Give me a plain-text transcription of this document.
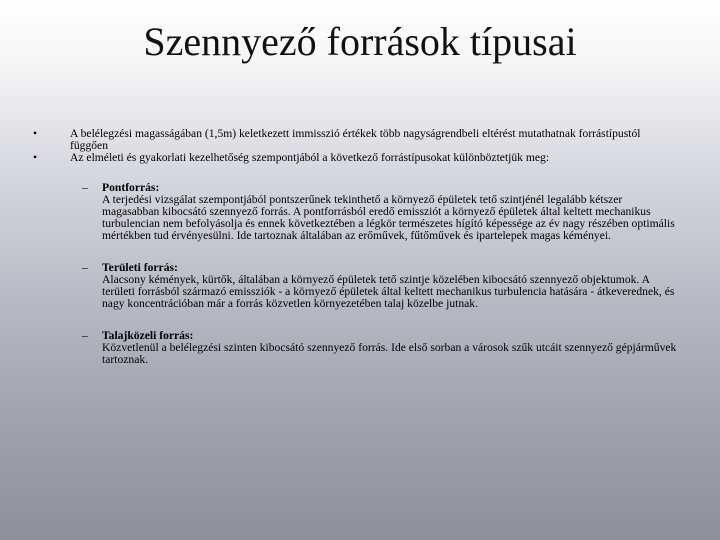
Szennyező források típusai
•	A belélegzési magasságában (1,5m) keletkezett immisszió értékek több nagyságrendbeli eltérést mutathatnak forrástípustól függően
•	Az elméleti és gyakorlati kezelhetőség szempontjából a következő forrástípusokat különböztetjük meg:
– Pontforrás:
A terjedési vizsgálat szempontjából pontszerűnek tekinthető a környező épületek tető szintjénél legalább kétszer magasabban kibocsátó szennyező forrás. A pontforrásból eredő emissziót a környező épületek által keltett mechanikus turbulencian nem befolyásolja és ennek következtében a légkör természetes hígító képessége az év nagy részében optimális mértékben tud érvényesülni. Ide tartoznak általában az erőművek, fűtőművek és ipartelepek magas kéményei.
– Területi forrás:
Alacsony kémények, kürtők, általában a környező épületek tető szintje közelében kibocsátó szennyező objektumok. A területi forrásból származó emissziók - a környező épületek által keltett mechanikus turbulencia hatására - átkeverednek, és nagy koncentrációban már a forrás közvetlen környezetében talaj közelbe jutnak.
– Talajközeli forrás:
Közvetlenül a belélegzési szinten kibocsátó szennyező forrás. Ide első sorban a városok szűk utcáit szennyező gépjárművek tartoznak.
